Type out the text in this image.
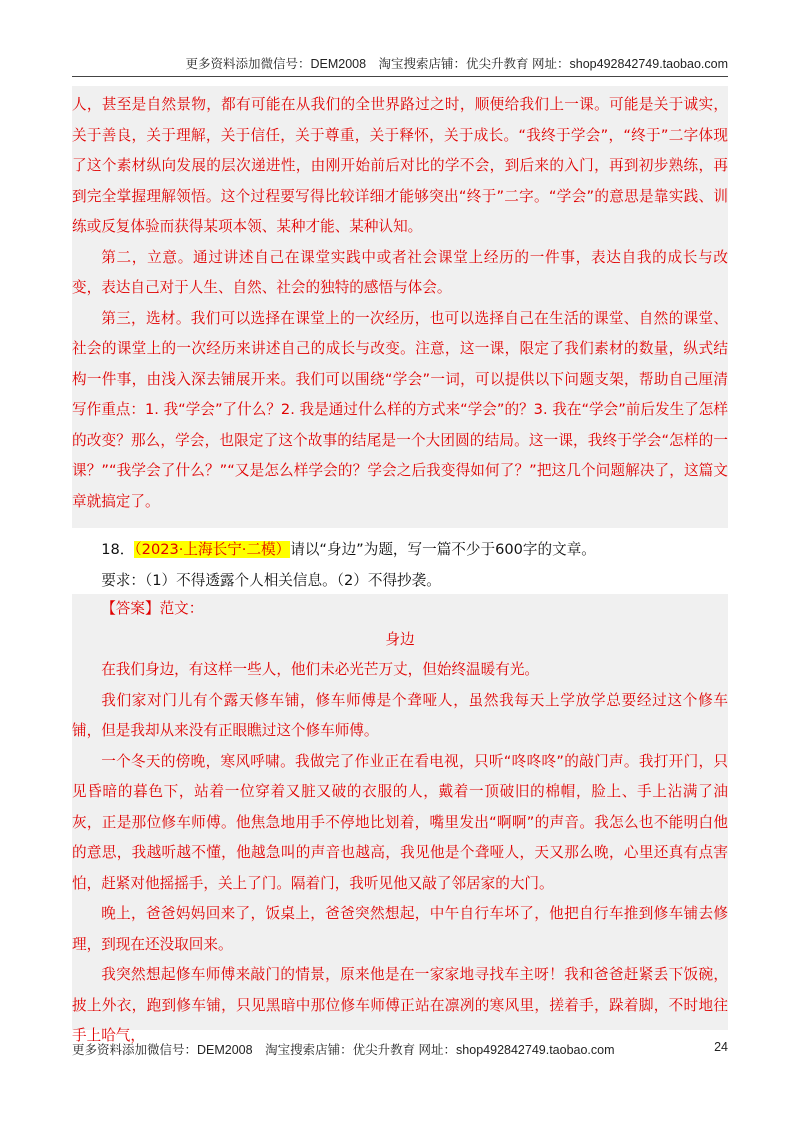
更多资料添加微信号：DEM2008　淘宝搜索店铺：优尖升教育 网址：shop492842749.taobao.com

人，甚至是自然景物，都有可能在从我们的全世界路过之时，顺便给我们上一课。可能是关于诚实，关于善良，关于理解，关于信任，关于尊重，关于释怀，关于成长。“我终于学会”，“终于”二字体现了这个素材纵向发展的层次递进性，由刚开始前后对比的学不会，到后来的入门，再到初步熟练，再到完全掌握理解领悟。这个过程要写得比较详细才能够突出“终于”二字。“学会”的意思是靠实践、训练或反复体验而获得某项本领、某种才能、某种认知。

第二，立意。通过讲述自己在课堂实践中或者社会课堂上经历的一件事，表达自我的成长与改变，表达自己对于人生、自然、社会的独特的感悟与体会。

第三，选材。我们可以选择在课堂上的一次经历，也可以选择自己在生活的课堂、自然的课堂、社会的课堂上的一次经历来讲述自己的成长与改变。注意，这一课，限定了我们素材的数量，纵式结构一件事，由浅入深去铺展开来。我们可以围绕“学会”一词，可以提供以下问题支架，帮助自己厘清写作重点：1. 我“学会”了什么？2. 我是通过什么样的方式来“学会”的？3. 我在“学会”前后发生了怎样的改变？那么，学会，也限定了这个故事的结尾是一个大团圆的结局。这一课，我终于学会“怎样的一课？”“我学会了什么？”“又是怎么样学会的？学会之后我变得如何了？”把这几个问题解决了，这篇文章就搞定了。

18．（2023·上海长宁·二模）请以“身边”为题，写一篇不少于600字的文章。

要求：（1）不得透露个人相关信息。（2）不得抄袭。

【答案】范文：

身边

在我们身边，有这样一些人，他们未必光芒万丈，但始终温暖有光。

我们家对门儿有个露天修车铺，修车师傅是个聋哑人，虽然我每天上学放学总要经过这个修车铺，但是我却从来没有正眼瞧过这个修车师傅。

一个冬天的傍晚，寒风呼啸。我做完了作业正在看电视，只听“咚咚咚”的敲门声。我打开门，只见昏暗的暮色下，站着一位穿着又脏又破的衣服的人，戴着一顶破旧的棉帽，脸上、手上沾满了油灰，正是那位修车师傅。他焦急地用手不停地比划着，嘴里发出“啊啊”的声音。我怎么也不能明白他的意思，我越听越不懂，他越急叫的声音也越高，我见他是个聋哑人，天又那么晚，心里还真有点害怕，赶紧对他摇摇手，关上了门。隔着门，我听见他又敲了邻居家的大门。

晚上，爸爸妈妈回来了，饭桌上，爸爸突然想起，中午自行车坏了，他把自行车推到修车铺去修理，到现在还没取回来。

我突然想起修车师傅来敲门的情景，原来他是在一家家地寻找车主呀！我和爸爸赶紧丢下饭碗，披上外衣，跑到修车铺，只见黑暗中那位修车师傅正站在凛冽的寒风里，搓着手，跺着脚，不时地往手上哈气，

更多资料添加微信号：DEM2008　淘宝搜索店铺：优尖升教育 网址：shop492842749.taobao.com	24
